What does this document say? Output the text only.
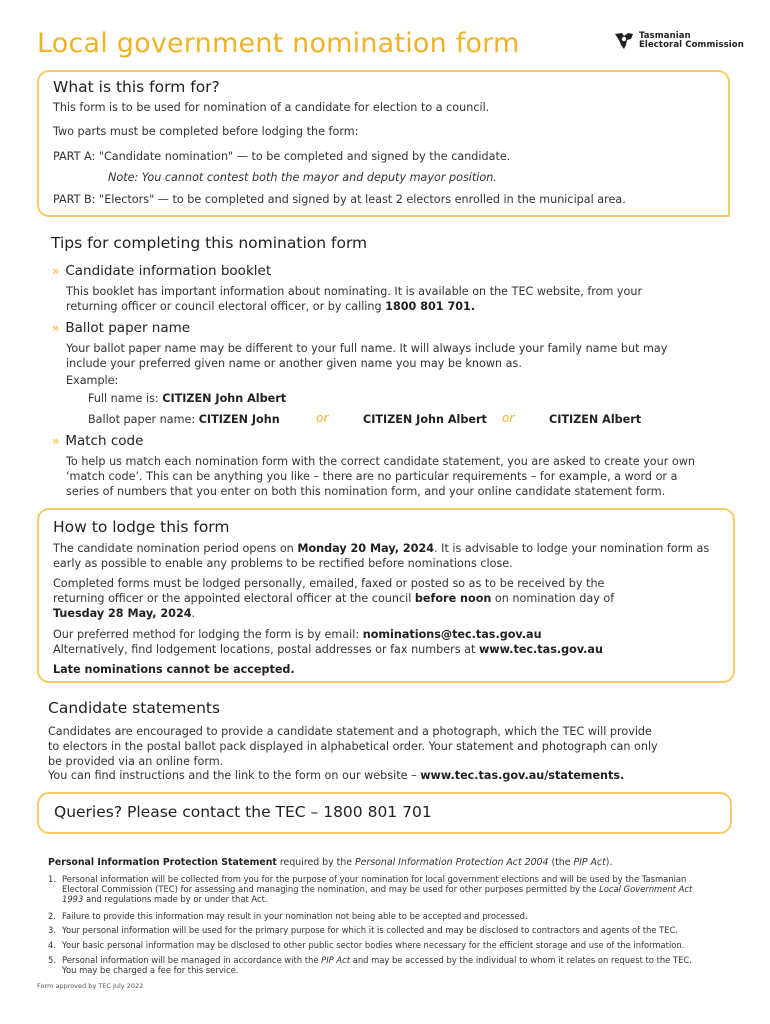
Local government nomination form	Tasmanian
Electoral Commission
What is this form for?
This form is to be used for nomination of a candidate for election to a council.
Two parts must be completed before lodging the form:
PART A: "Candidate nomination" — to be completed and signed by the candidate.
Note: You cannot contest both the mayor and deputy mayor position.
PART B: "Electors" — to be completed and signed by at least 2 electors enrolled in the municipal area.
Tips for completing this nomination form
» Candidate information booklet
This booklet has important information about nominating. It is available on the TEC website, from your
returning officer or council electoral officer, or by calling 1800 801 701.
» Ballot paper name
Your ballot paper name may be different to your full name. It will always include your family name but may
include your preferred given name or another given name you may be known as.
Example:
Full name is: CITIZEN John Albert
Ballot paper name: CITIZEN John	or	CITIZEN John Albert or	CITIZEN Albert
» Match code
To help us match each nomination form with the correct candidate statement, you are asked to create your own
‘match code’. This can be anything you like – there are no particular requirements – for example, a word or a
series of numbers that you enter on both this nomination form, and your online candidate statement form.
How to lodge this form
The candidate nomination period opens on Monday 20 May, 2024. It is advisable to lodge your nomination form as
early as possible to enable any problems to be rectified before nominations close.
Completed forms must be lodged personally, emailed, faxed or posted so as to be received by the
returning officer or the appointed electoral officer at the council before noon on nomination day of
Tuesday 28 May, 2024.
Our preferred method for lodging the form is by email: nominations@tec.tas.gov.au
Alternatively, find lodgement locations, postal addresses or fax numbers at www.tec.tas.gov.au
Late nominations cannot be accepted.
Candidate statements
Candidates are encouraged to provide a candidate statement and a photograph, which the TEC will provide
to electors in the postal ballot pack displayed in alphabetical order. Your statement and photograph can only
be provided via an online form.
You can find instructions and the link to the form on our website – www.tec.tas.gov.au/statements.
Queries? Please contact the TEC – 1800 801 701
Personal Information Protection Statement required by the Personal Information Protection Act 2004 (the PIP Act).
1. Personal information will be collected from you for the purpose of your nomination for local government elections and will be used by the Tasmanian
Electoral Commission (TEC) for assessing and managing the nomination, and may be used for other purposes permitted by the Local Government Act
1993 and regulations made by or under that Act.
2. Failure to provide this information may result in your nomination not being able to be accepted and processed.
3. Your personal information will be used for the primary purpose for which it is collected and may be disclosed to contractors and agents of the TEC.
4. Your basic personal information may be disclosed to other public sector bodies where necessary for the efficient storage and use of the information.
5. Personal information will be managed in accordance with the PIP Act and may be accessed by the individual to whom it relates on request to the TEC.
You may be charged a fee for this service.
Form approved by TEC July 2022
